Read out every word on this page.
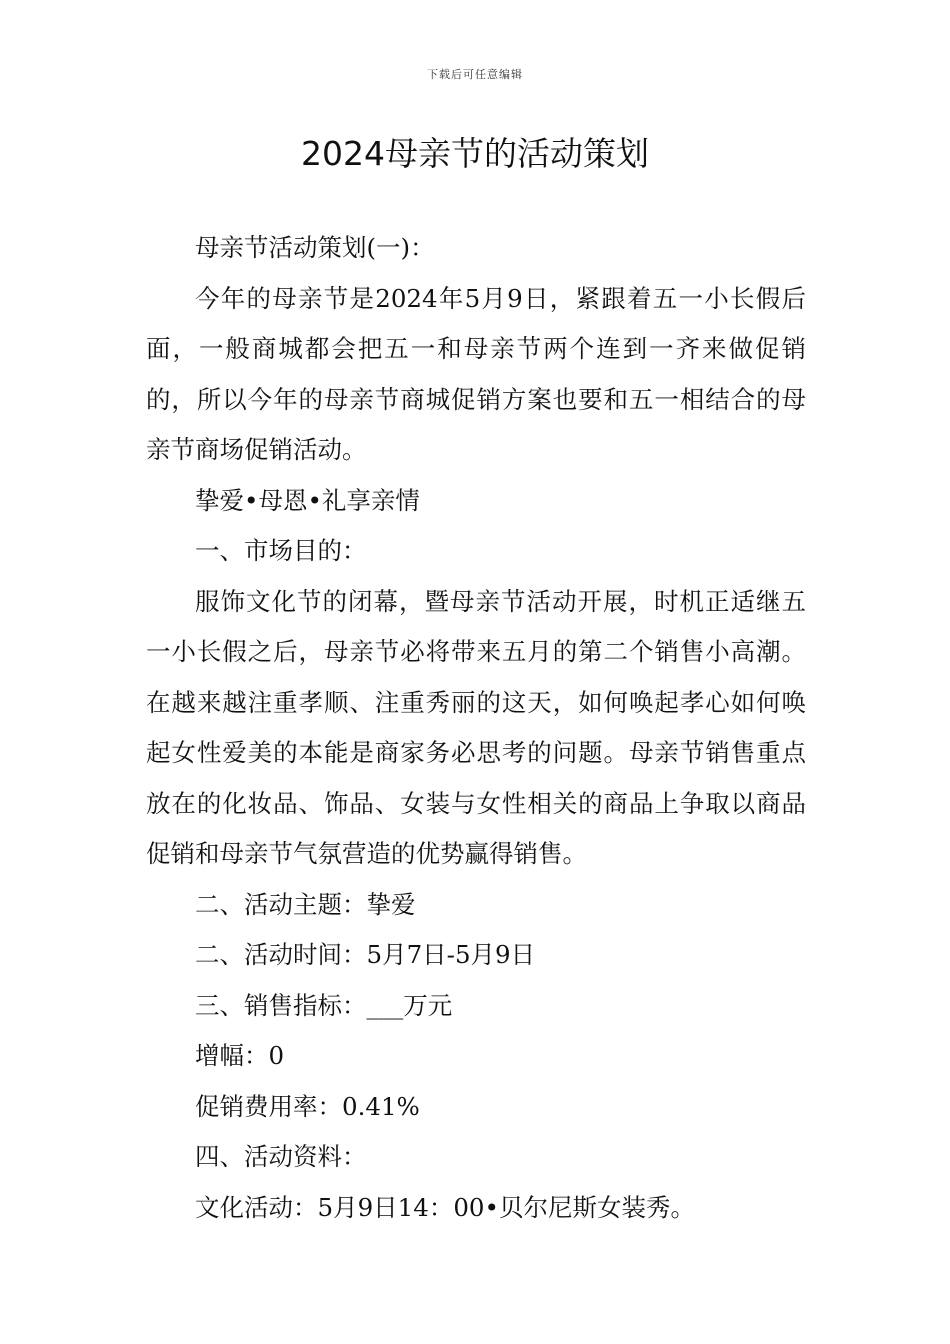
下载后可任意编辑
2024母亲节的活动策划

母亲节活动策划(一)：

今年的母亲节是2024年5月9日，紧跟着五一小长假后面，一般商城都会把五一和母亲节两个连到一齐来做促销的，所以今年的母亲节商城促销方案也要和五一相结合的母亲节商场促销活动。

挚爱•母恩•礼享亲情

一、市场目的：

服饰文化节的闭幕，暨母亲节活动开展，时机正适继五一小长假之后，母亲节必将带来五月的第二个销售小高潮。在越来越注重孝顺、注重秀丽的这天，如何唤起孝心如何唤起女性爱美的本能是商家务必思考的问题。母亲节销售重点放在的化妆品、饰品、女装与女性相关的商品上争取以商品促销和母亲节气氛营造的优势赢得销售。

二、活动主题：挚爱

二、活动时间：5月7日-5月9日

三、销售指标：___万元

增幅：0

促销费用率：0.41%

四、活动资料：

文化活动：5月9日14：00•贝尔尼斯女装秀。
